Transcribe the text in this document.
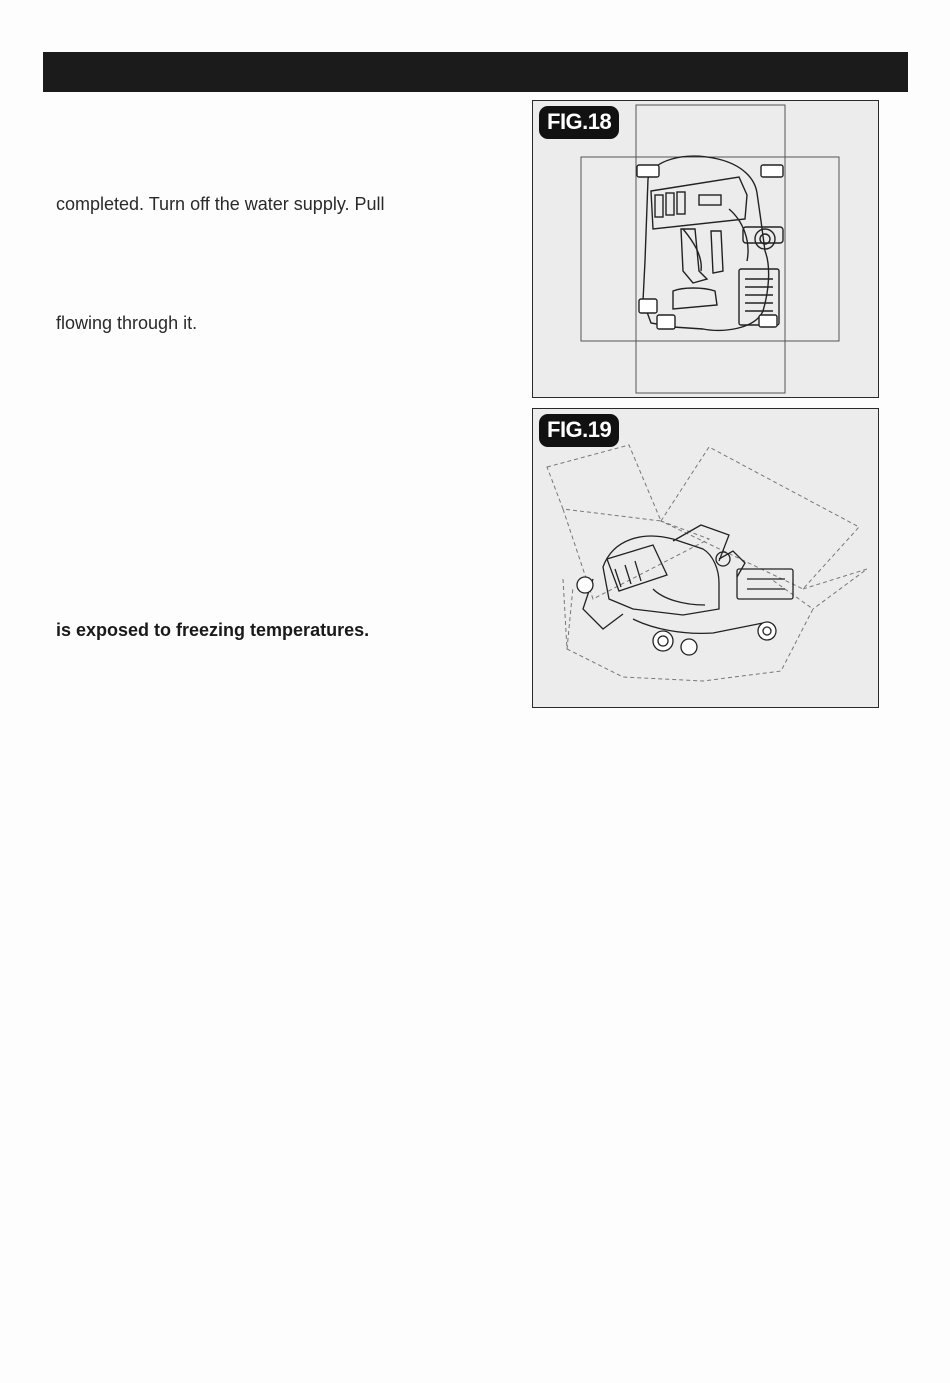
completed. Turn off the water supply. Pull
flowing through it.
is exposed to freezing temperatures.
FIG.18
FIG.19
